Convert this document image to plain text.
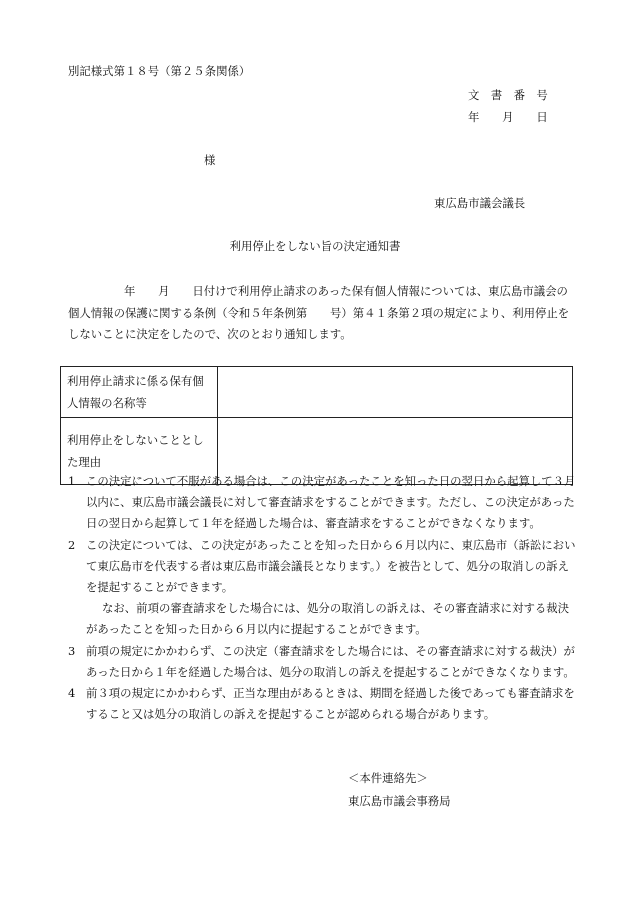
別記様式第１８号（第２５条関係）
文　書　番　号
年　　月　　日
様
東広島市議会議長
利用停止をしない旨の決定通知書
年　　月　　日付けで利用停止請求のあった保有個人情報については、東広島市議会の個人情報の保護に関する条例（令和５年条例第　　号）第４１条第２項の規定により、利用停止をしないことに決定をしたので、次のとおり通知します。
利用停止請求に係る保有個人情報の名称等	
利用停止をしないこととした理由	
1 この決定について不服がある場合は、この決定があったことを知った日の翌日から起算して３月以内に、東広島市議会議長に対して審査請求をすることができます。ただし、この決定があった日の翌日から起算して１年を経過した場合は、審査請求をすることができなくなります。
2 この決定については、この決定があったことを知った日から６月以内に、東広島市（訴訟において東広島市を代表する者は東広島市議会議長となります。）を被告として、処分の取消しの訴えを提起することができます。
なお、前項の審査請求をした場合には、処分の取消しの訴えは、その審査請求に対する裁決があったことを知った日から６月以内に提起することができます。
3 前項の規定にかかわらず、この決定（審査請求をした場合には、その審査請求に対する裁決）があった日から１年を経過した場合は、処分の取消しの訴えを提起することができなくなります。
4 前３項の規定にかかわらず、正当な理由があるときは、期間を経過した後であっても審査請求をすること又は処分の取消しの訴えを提起することが認められる場合があります。
＜本件連絡先＞
東広島市議会事務局
